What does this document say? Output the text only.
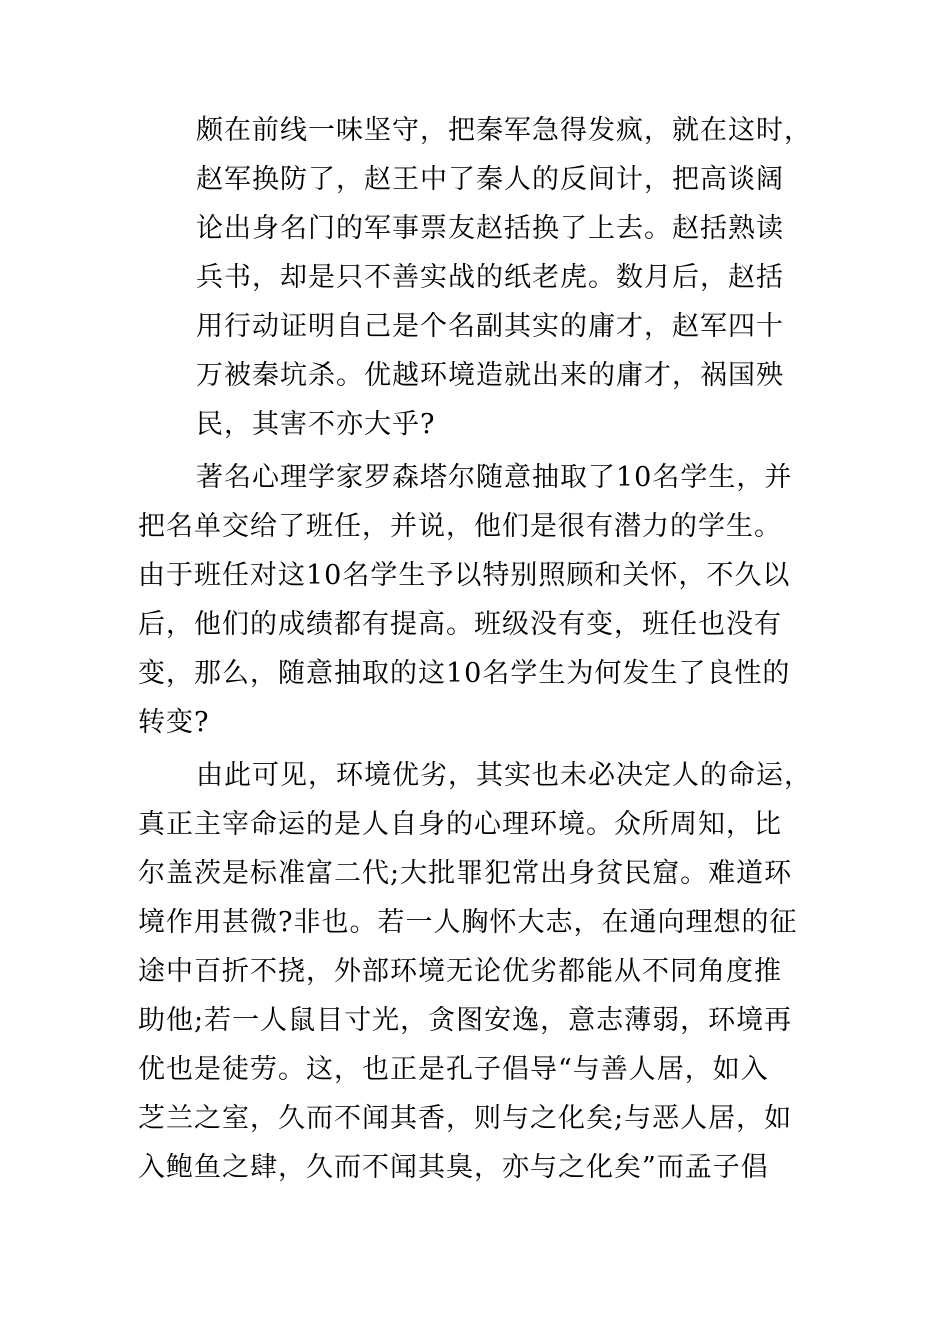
颇在前线一味坚守，把秦军急得发疯，就在这时，
赵军换防了，赵王中了秦人的反间计，把高谈阔
论出身名门的军事票友赵括换了上去。赵括熟读
兵书，却是只不善实战的纸老虎。数月后，赵括
用行动证明自己是个名副其实的庸才，赵军四十
万被秦坑杀。优越环境造就出来的庸才，祸国殃
民，其害不亦大乎?
著名心理学家罗森塔尔随意抽取了10名学生，并
把名单交给了班任，并说，他们是很有潜力的学生。
由于班任对这10名学生予以特别照顾和关怀，不久以
后，他们的成绩都有提高。班级没有变，班任也没有
变，那么，随意抽取的这10名学生为何发生了良性的
转变?
由此可见，环境优劣，其实也未必决定人的命运，
真正主宰命运的是人自身的心理环境。众所周知，比
尔盖茨是标准富二代;大批罪犯常出身贫民窟。难道环
境作用甚微?非也。若一人胸怀大志，在通向理想的征
途中百折不挠，外部环境无论优劣都能从不同角度推
助他;若一人鼠目寸光，贪图安逸，意志薄弱，环境再
优也是徒劳。这，也正是孔子倡导“与善人居，如入
芝兰之室，久而不闻其香，则与之化矣;与恶人居，如
入鲍鱼之肆，久而不闻其臭，亦与之化矣”而孟子倡
